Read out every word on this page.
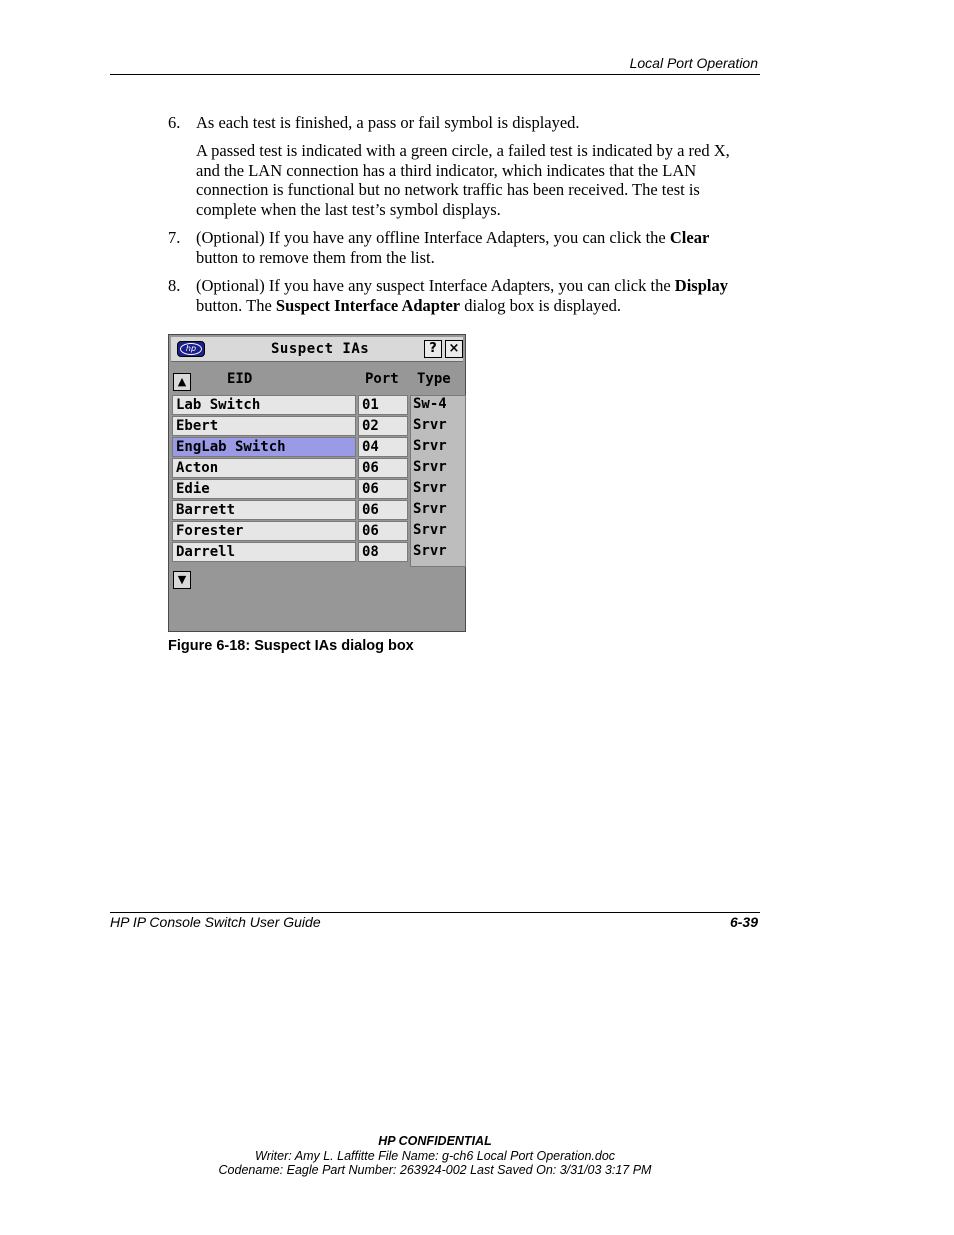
Local Port Operation
6. As each test is finished, a pass or fail symbol is displayed.
A passed test is indicated with a green circle, a failed test is indicated by a red X,
and the LAN connection has a third indicator, which indicates that the LAN
connection is functional but no network traffic has been received. The test is
complete when the last test’s symbol displays.
7. (Optional) If you have any offline Interface Adapters, you can click the Clear
button to remove them from the list.
8. (Optional) If you have any suspect Interface Adapters, you can click the Display
button. The Suspect Interface Adapter dialog box is displayed.
hp	Suspect IAs	? ×
▲	EID	Port Type
Lab Switch	01	Sw-4
Ebert	02	Srvr
EngLab Switch	04	Srvr
Acton	06	Srvr
Edie	06	Srvr
Barrett	06	Srvr
Forester	06	Srvr
Darrell	08	Srvr
▼
Figure 6-18: Suspect IAs dialog box
HP IP Console Switch User Guide	6-39
HP CONFIDENTIAL
Writer: Amy L. Laffitte File Name: g-ch6 Local Port Operation.doc
Codename: Eagle Part Number: 263924-002 Last Saved On: 3/31/03 3:17 PM
